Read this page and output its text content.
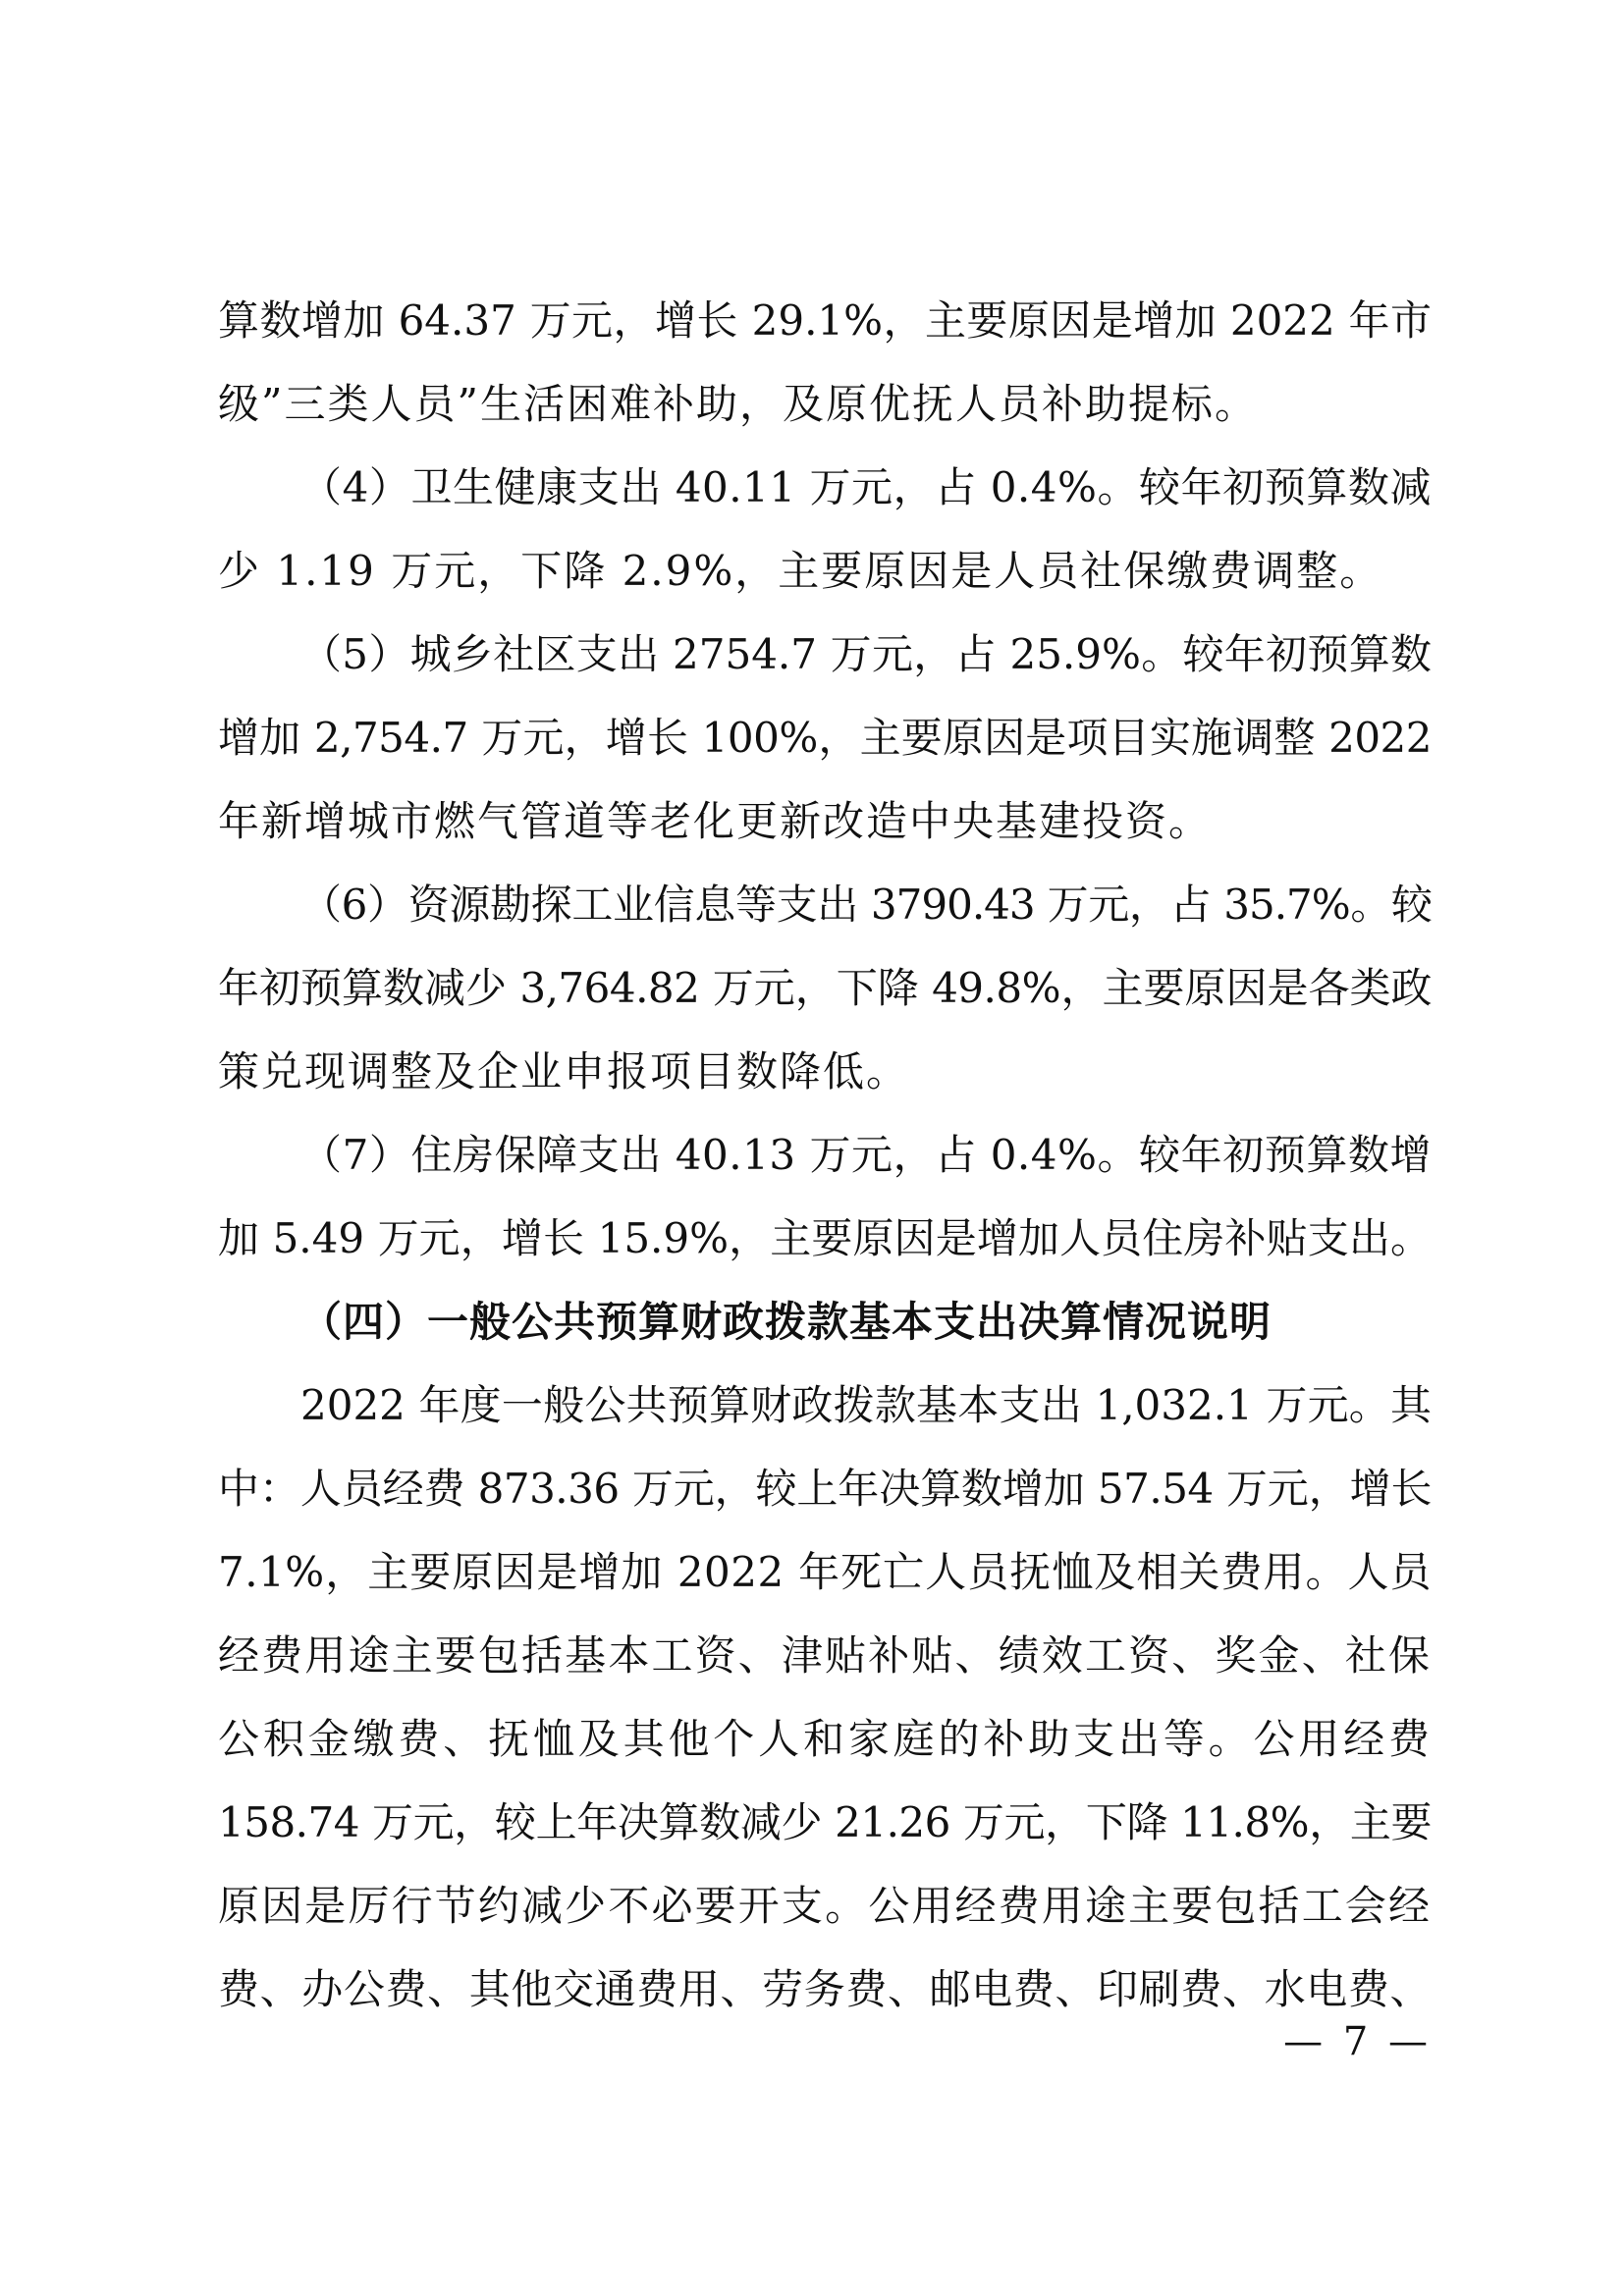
算数增加 64.37 万元，增长 29.1%，主要原因是增加 2022 年市
级”三类人员”生活困难补助，及原优抚人员补助提标。
（4）卫生健康支出 40.11 万元，占 0.4%。较年初预算数减
少 1.19 万元，下降 2.9%，主要原因是人员社保缴费调整。
（5）城乡社区支出 2754.7 万元，占 25.9%。较年初预算数
增加 2,754.7 万元，增长 100%，主要原因是项目实施调整 2022
年新增城市燃气管道等老化更新改造中央基建投资。
（6）资源勘探工业信息等支出 3790.43 万元，占 35.7%。较
年初预算数减少 3,764.82 万元，下降 49.8%，主要原因是各类政
策兑现调整及企业申报项目数降低。
（7）住房保障支出 40.13 万元，占 0.4%。较年初预算数增
加 5.49 万元，增长 15.9%，主要原因是增加人员住房补贴支出。
（四）一般公共预算财政拨款基本支出决算情况说明
2022 年度一般公共预算财政拨款基本支出 1,032.1 万元。其
中：人员经费 873.36 万元，较上年决算数增加 57.54 万元，增长
7.1%，主要原因是增加 2022 年死亡人员抚恤及相关费用。人员
经费用途主要包括基本工资、津贴补贴、绩效工资、奖金、社保
公积金缴费、抚恤及其他个人和家庭的补助支出等。公用经费
158.74 万元，较上年决算数减少 21.26 万元，下降 11.8%，主要
原因是厉行节约减少不必要开支。公用经费用途主要包括工会经
费、办公费、其他交通费用、劳务费、邮电费、印刷费、水电费、
— 7 —
